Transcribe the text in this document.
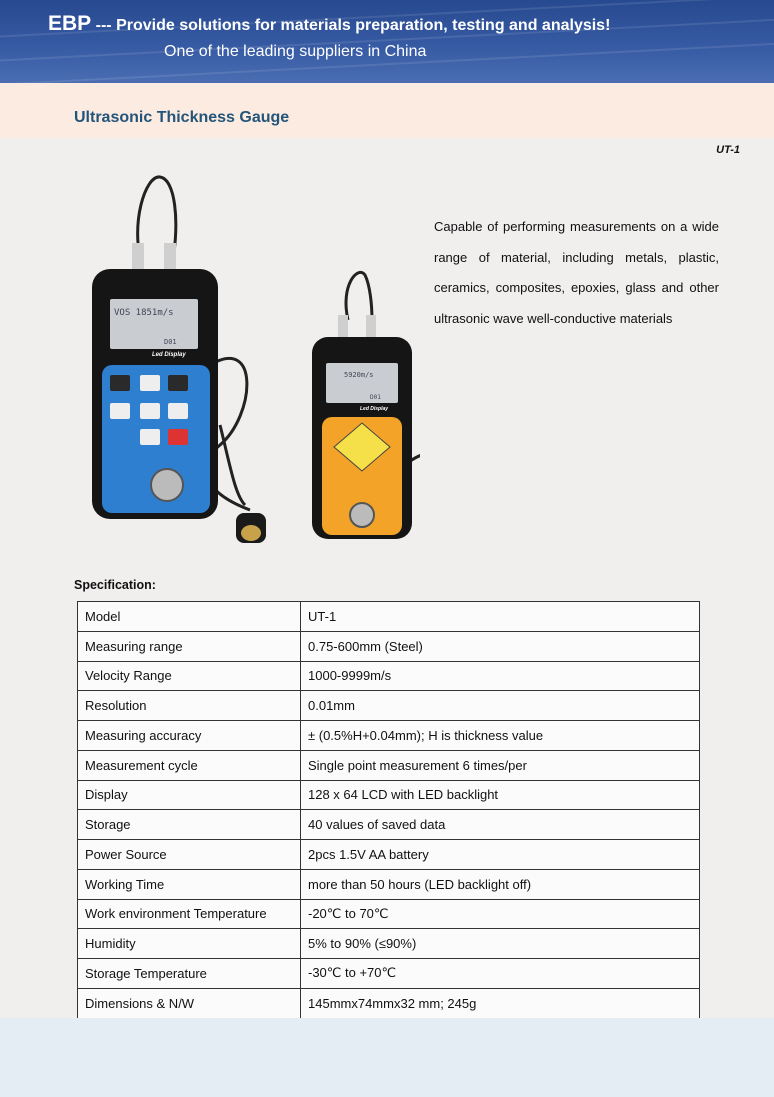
EBP --- Provide solutions for materials preparation, testing and analysis!
One of the leading suppliers in China
Ultrasonic Thickness Gauge
UT-1
VOS 1851m/s
D01
Led Display
5920m/s
D01
Led Display

Capable of performing measurements on a wide range of material, including metals, plastic, ceramics, composites, epoxies, glass and other ultrasonic wave well-conductive materials

Specification:
Model	UT-1
Measuring range	0.75-600mm (Steel)
Velocity Range	1000-9999m/s
Resolution	0.01mm
Measuring accuracy	± (0.5%H+0.04mm); H is thickness value
Measurement cycle	Single point measurement 6 times/per
Display	128 x 64 LCD with LED backlight
Storage	40 values of saved data
Power Source	2pcs 1.5V AA battery
Working Time	more than 50 hours (LED backlight off)
Work environment Temperature	-20℃ to 70℃
Humidity	5% to 90% (≤90%)
Storage Temperature	-30℃ to +70℃
Dimensions & N/W	145mmx74mmx32 mm; 245g
